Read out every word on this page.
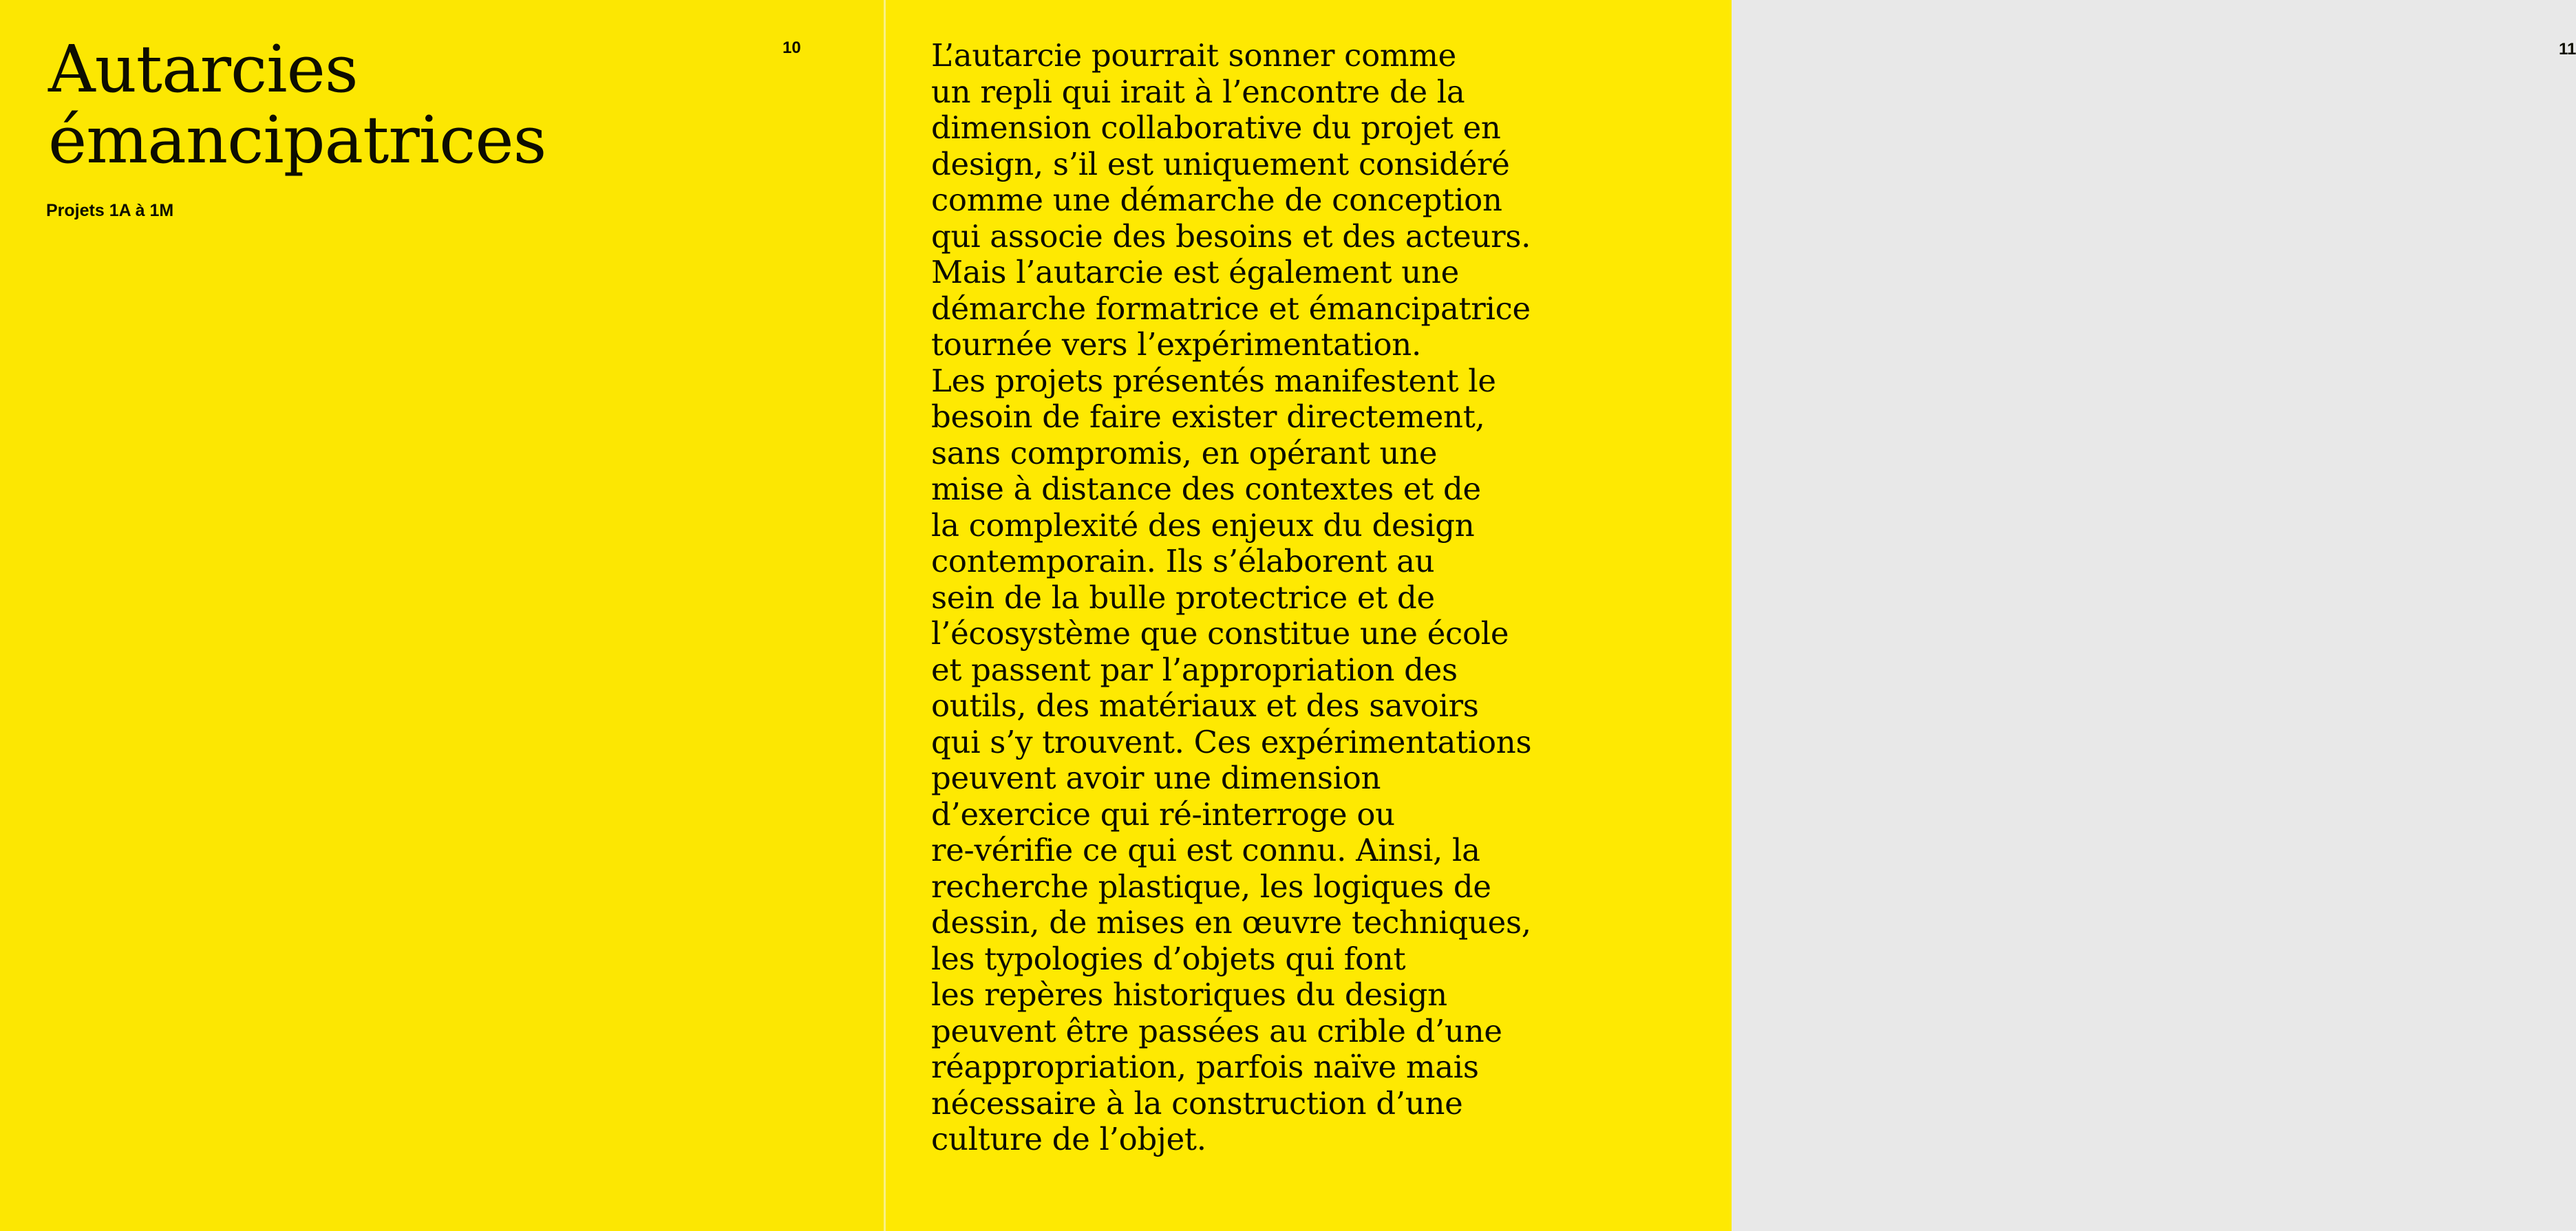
Autarcies
émancipatrices
Projets 1A à 1M
10	11
L’autarcie pourrait sonner comme
un repli qui irait à l’encontre de la
dimension collaborative du projet en
design, s’il est uniquement considéré
comme une démarche de conception
qui associe des besoins et des acteurs.
Mais l’autarcie est également une
démarche formatrice et émancipatrice
tournée vers l’expérimentation.
Les projets présentés manifestent le
besoin de faire exister directement,
sans compromis, en opérant une
mise à distance des contextes et de
la complexité des enjeux du design
contemporain. Ils s’élaborent au
sein de la bulle protectrice et de
l’écosystème que constitue une école
et passent par l’appropriation des
outils, des matériaux et des savoirs
qui s’y trouvent. Ces expérimentations
peuvent avoir une dimension
d’exercice qui ré-interroge ou
re-vérifie ce qui est connu. Ainsi, la
recherche plastique, les logiques de
dessin, de mises en œuvre techniques,
les typologies d’objets qui font
les repères historiques du design
peuvent être passées au crible d’une
réappropriation, parfois naïve mais
nécessaire à la construction d’une
culture de l’objet.
